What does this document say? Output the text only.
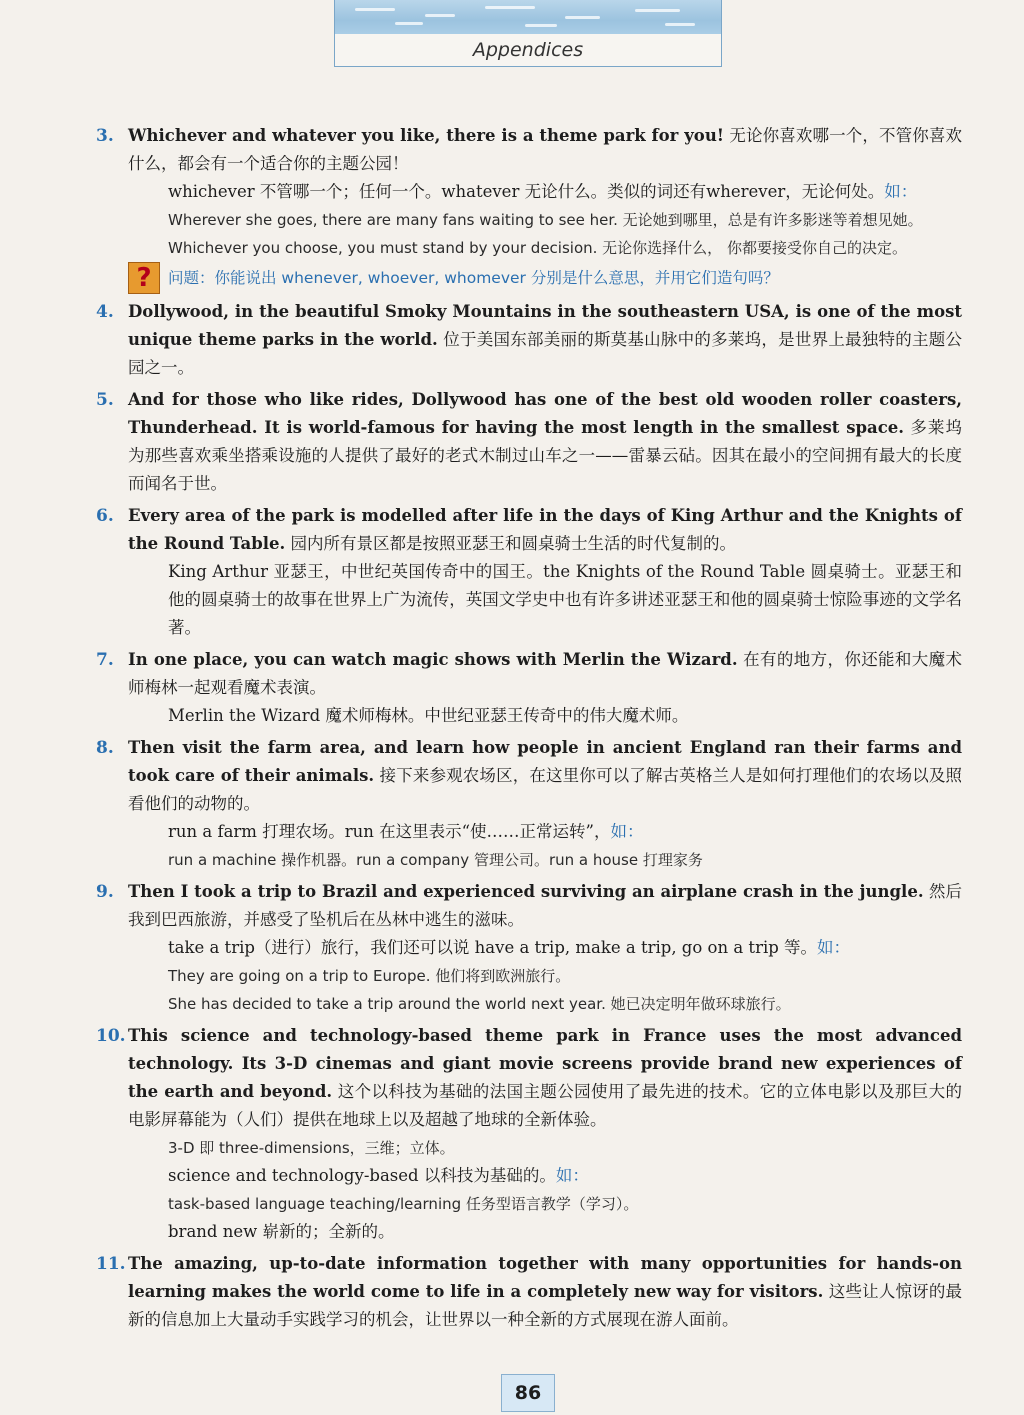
Appendices
3. Whichever and whatever you like, there is a theme park for you! 无论你喜欢哪一个，不管你喜欢什么，都会有一个适合你的主题公园！

whichever 不管哪一个；任何一个。whatever 无论什么。类似的词还有wherever，无论何处。如：

Wherever she goes, there are many fans waiting to see her. 无论她到哪里，总是有许多影迷等着想见她。

Whichever you choose, you must stand by your decision. 无论你选择什么， 你都要接受你自己的决定。

?	问题：你能说出 whenever, whoever, whomever 分别是什么意思，并用它们造句吗？
4. Dollywood, in the beautiful Smoky Mountains in the southeastern USA, is one of the most unique theme parks in the world. 位于美国东部美丽的斯莫基山脉中的多莱坞，是世界上最独特的主题公园之一。

5. And for those who like rides, Dollywood has one of the best old wooden roller coasters, Thunderhead. It is world-famous for having the most length in the smallest space. 多莱坞为那些喜欢乘坐搭乘设施的人提供了最好的老式木制过山车之一——雷暴云砧。因其在最小的空间拥有最大的长度而闻名于世。

6. Every area of the park is modelled after life in the days of King Arthur and the Knights of the Round Table. 园内所有景区都是按照亚瑟王和圆桌骑士生活的时代复制的。

King Arthur 亚瑟王，中世纪英国传奇中的国王。the Knights of the Round Table 圆桌骑士。亚瑟王和他的圆桌骑士的故事在世界上广为流传，英国文学史中也有许多讲述亚瑟王和他的圆桌骑士惊险事迹的文学名著。

7. In one place, you can watch magic shows with Merlin the Wizard. 在有的地方，你还能和大魔术师梅林一起观看魔术表演。

Merlin the Wizard 魔术师梅林。中世纪亚瑟王传奇中的伟大魔术师。

8. Then visit the farm area, and learn how people in ancient England ran their farms and took care of their animals. 接下来参观农场区，在这里你可以了解古英格兰人是如何打理他们的农场以及照看他们的动物的。

run a farm 打理农场。run 在这里表示“使……正常运转”，如：

run a machine 操作机器。run a company 管理公司。run a house 打理家务

9. Then I took a trip to Brazil and experienced surviving an airplane crash in the jungle. 然后我到巴西旅游，并感受了坠机后在丛林中逃生的滋味。

take a trip（进行）旅行，我们还可以说 have a trip, make a trip, go on a trip 等。如：

They are going on a trip to Europe. 他们将到欧洲旅行。

She has decided to take a trip around the world next year. 她已决定明年做环球旅行。

10. This science and technology-based theme park in France uses the most advanced technology. Its 3-D cinemas and giant movie screens provide brand new experiences of the earth and beyond. 这个以科技为基础的法国主题公园使用了最先进的技术。它的立体电影以及那巨大的电影屏幕能为（人们）提供在地球上以及超越了地球的全新体验。

3-D 即 three-dimensions，三维；立体。

science and technology-based 以科技为基础的。如：

task-based language teaching/learning 任务型语言教学（学习）。

brand new 崭新的；全新的。

11. The amazing, up-to-date information together with many opportunities for hands-on learning makes the world come to life in a completely new way for visitors. 这些让人惊讶的最新的信息加上大量动手实践学习的机会，让世界以一种全新的方式展现在游人面前。

86
